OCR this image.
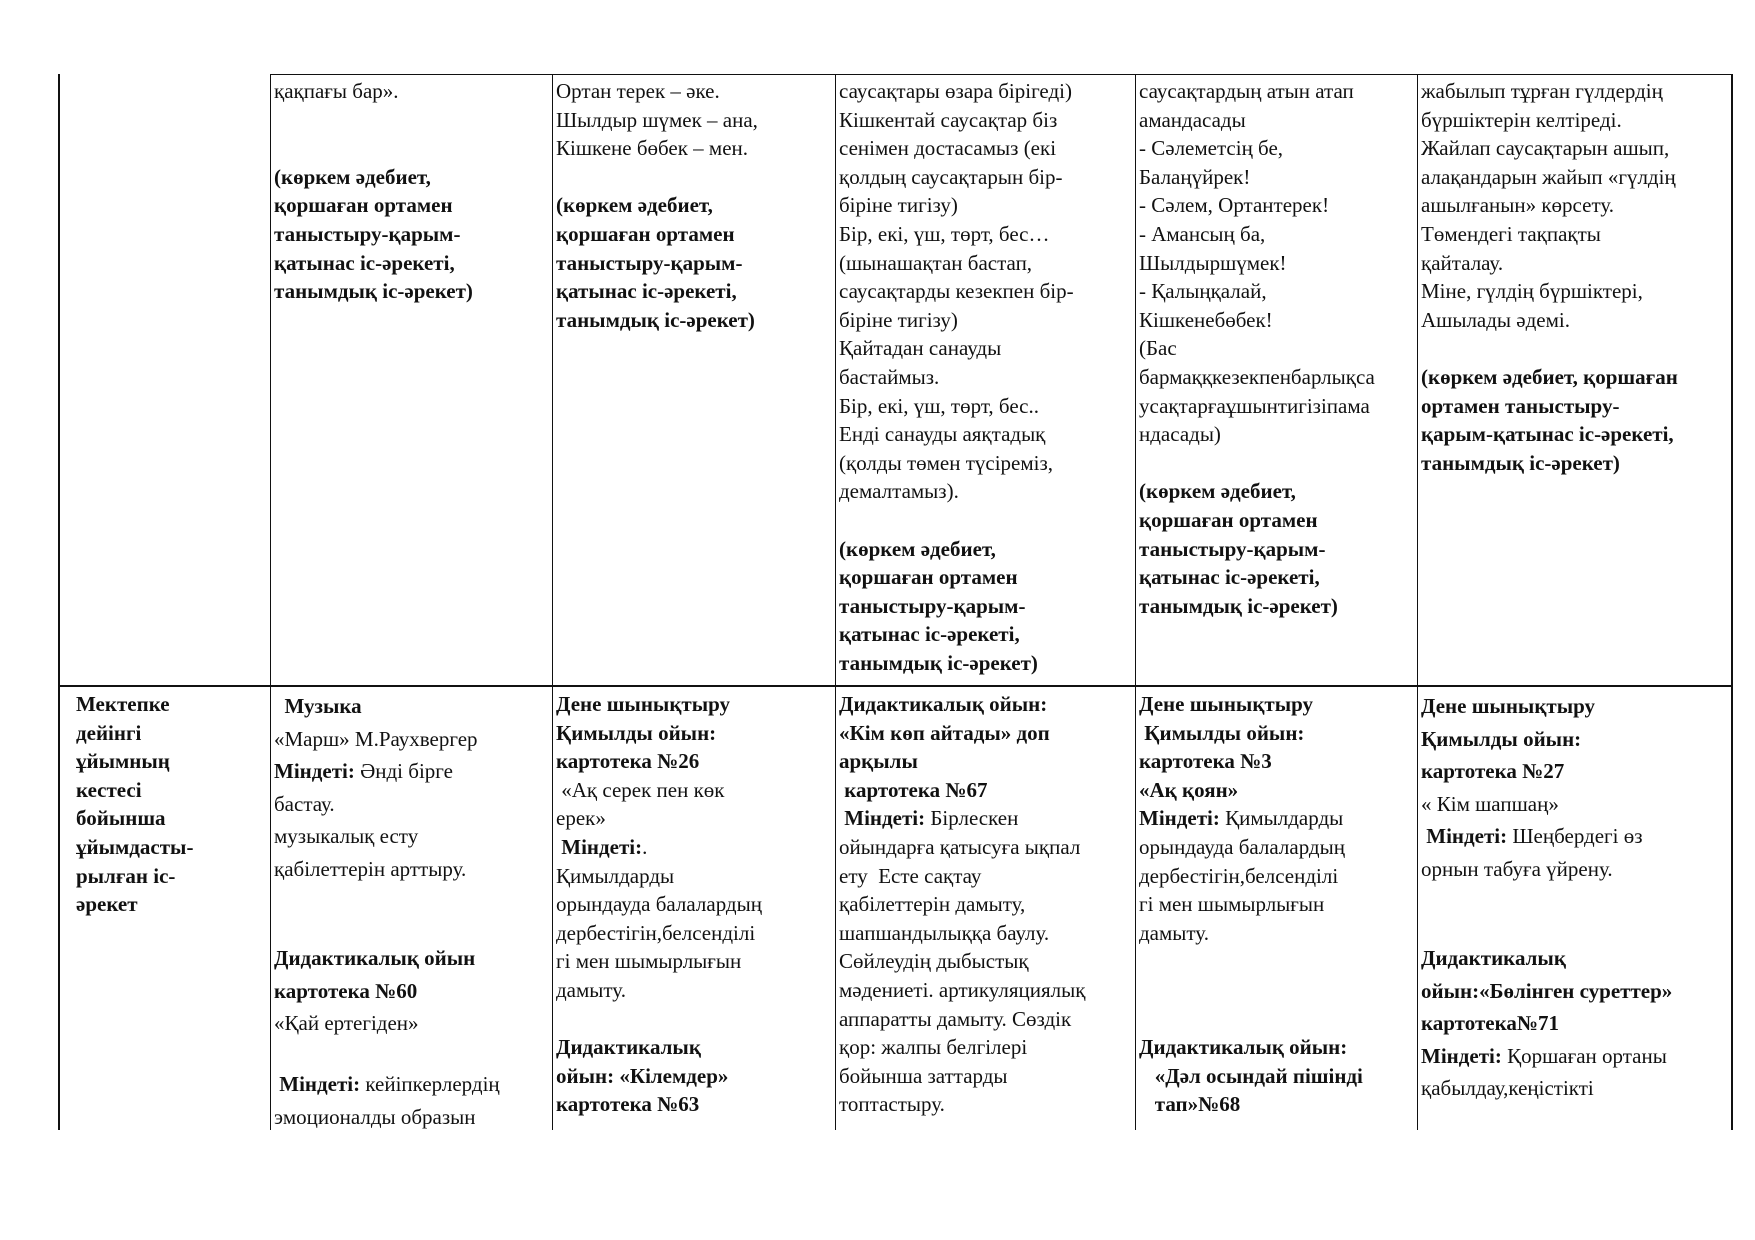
қақпағы бар».
(көркем әдебиет,
қоршаған ортамен
таныстыру-қарым-
қатынас іс-әрекеті,
танымдық іс-әрекет)
Ортан терек – әке.
Шылдыр шүмек – ана,
Кішкене бөбек – мен.
(көркем әдебиет,
қоршаған ортамен
таныстыру-қарым-
қатынас іс-әрекеті,
танымдық іс-әрекет)
саусақтары өзара бірігеді)
Кішкентай саусақтар біз
сенімен достасамыз (екі
қолдың саусақтарын бір-
біріне тигізу)
Бір, екі, үш, төрт, бес…
(шынашақтан бастап,
саусақтарды кезекпен бір-
біріне тигізу)
Қайтадан санауды
бастаймыз.
Бір, екі, үш, төрт, бес..
Енді санауды аяқтадық
(қолды төмен түсіреміз,
демалтамыз).
(көркем әдебиет,
қоршаған ортамен
таныстыру-қарым-
қатынас іс-әрекеті,
танымдық іс-әрекет)
саусақтардың атын атап
амандасады
- Сәлеметсің бе,
Балаңүйрек!
- Сәлем, Ортантерек!
- Амансың ба,
Шылдыршүмек!
- Қалыңқалай,
Кішкенебөбек!
(Бас
бармаққкезекпенбарлықса
усақтарғаұшынтигізіпама
ндасады)
(көркем әдебиет,
қоршаған ортамен
таныстыру-қарым-
қатынас іс-әрекеті,
танымдық іс-әрекет)
жабылып тұрған гүлдердің
бүршіктерін келтіреді.
Жайлап саусақтарын ашып,
алақандарын жайып «гүлдің
ашылғанын» көрсету.
Төмендегі тақпақты
қайталау.
Міне, гүлдің бүршіктері,
Ашылады әдемі.
(көркем әдебиет, қоршаған
ортамен таныстыру-
қарым-қатынас іс-әрекеті,
танымдық іс-әрекет)
Мектепке
дейінгі
ұйымның
кестесі
бойынша
ұйымдасты-
рылған іс-
әрекет
Музыка
«Марш» М.Раухвергер
Міндеті: Әнді бірге
бастау.
музыкалық есту
қабілеттерін арттыру.
Дидактикалық ойын
картотека №60
«Қай ертегіден»
Міндеті: кейіпкерлердің
эмоционалды образын
Дене шынықтыру
Қимылды ойын:
картотека №26
«Ақ серек пен көк
ерек»
Міндеті:.
Қимылдарды
орындауда балалардың
дербестігін,белсенділі
гі мен шымырлығын
дамыту.
Дидактикалық
ойын: «Кілемдер»
картотека №63
Дидактикалық ойын:
«Кім көп айтады» доп
арқылы
картотека №67
Міндеті: Бірлескен
ойындарға қатысуға ықпал
ету  Есте сақтау
қабілеттерін дамыту,
шапшандылыққа баулу.
Сөйлеудің дыбыстық
мәдениеті. артикуляциялық
аппаратты дамыту. Сөздік
қор: жалпы белгілері
бойынша заттарды
топтастыру.
Дене шынықтыру
Қимылды ойын:
картотека №3
«Ақ қоян»
Міндеті: Қимылдарды
орындауда балалардың
дербестігін,белсенділі
гі мен шымырлығын
дамыту.
Дидактикалық ойын:
«Дәл осындай пішінді
тап»№68
Дене шынықтыру
Қимылды ойын:
картотека №27
« Кім шапшаң»
Міндеті: Шеңбердегі өз
орнын табуға үйрену.
Дидактикалық
ойын:«Бөлінген суреттер»
картотека№71
Міндеті: Қоршаған ортаны
қабылдау,кеңістікті
